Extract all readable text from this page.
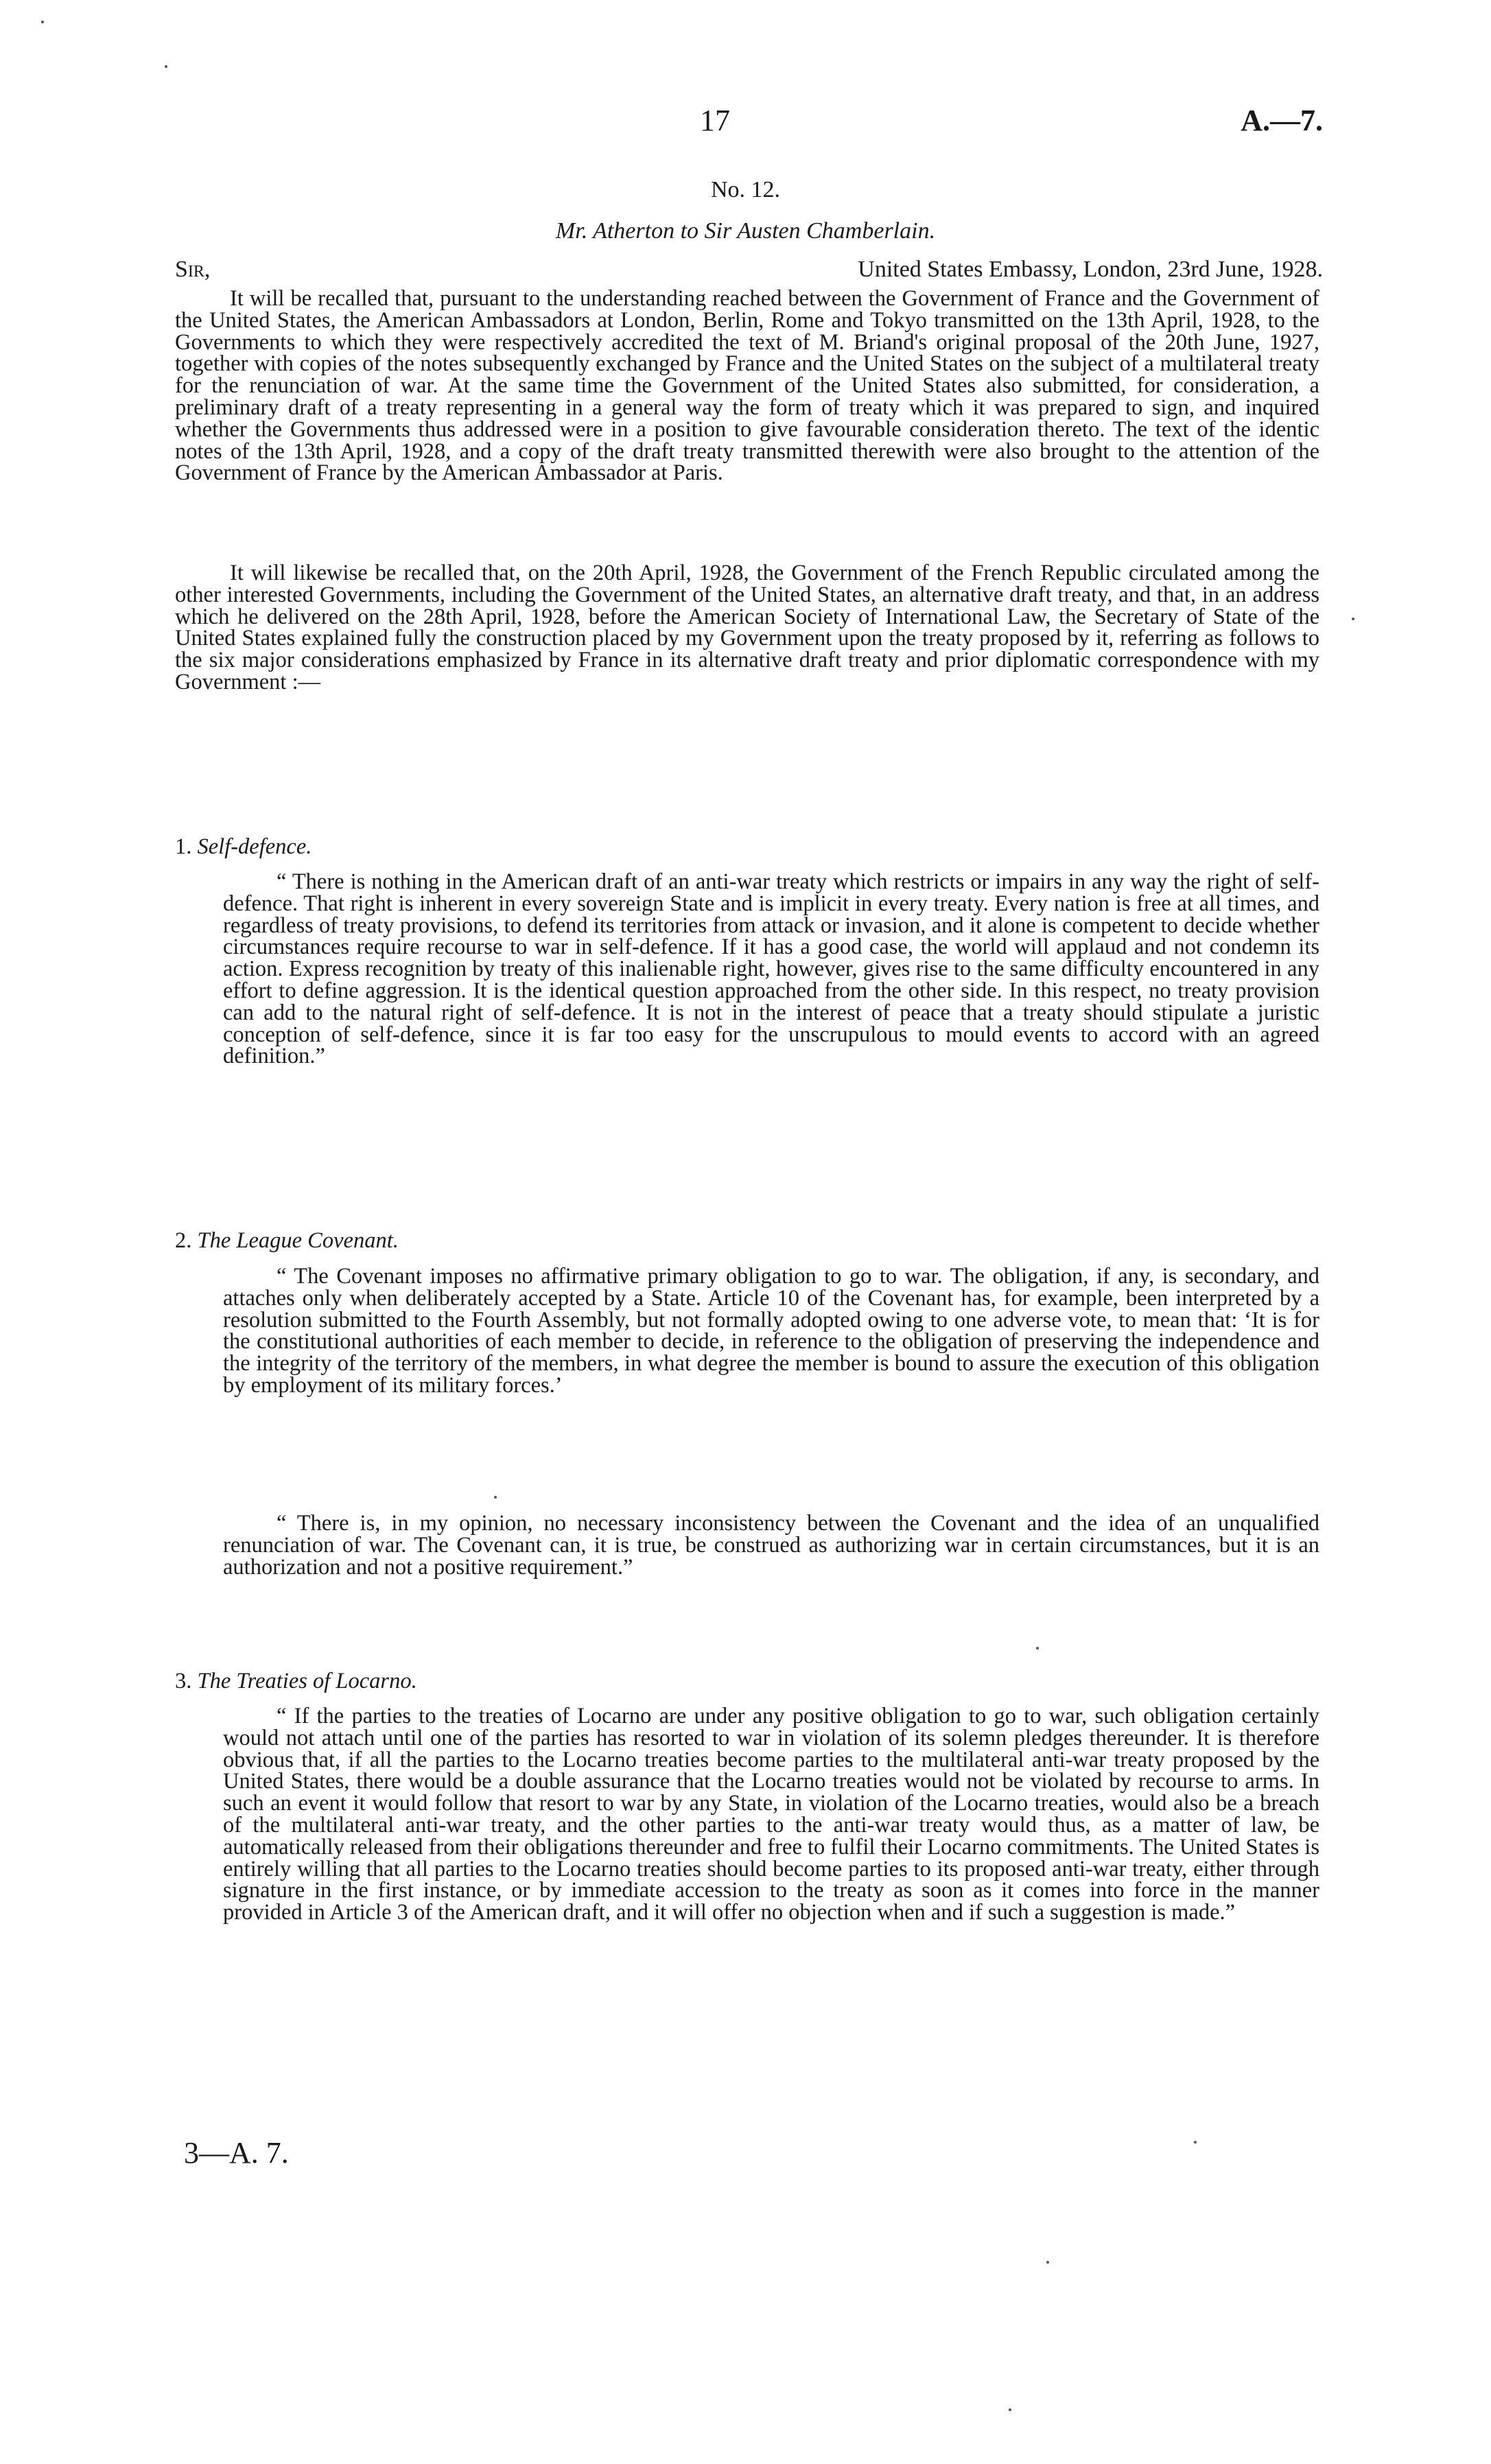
17	A.—7.
No. 12.
Mr. Atherton to Sir Austen Chamberlain.
Sir,	United States Embassy, London, 23rd June, 1928.

It will be recalled that, pursuant to the understanding reached between the Government of France and the Government of the United States, the American Ambassadors at London, Berlin, Rome and Tokyo transmitted on the 13th April, 1928, to the Governments to which they were respectively accredited the text of M. Briand's original proposal of the 20th June, 1927, together with copies of the notes subsequently exchanged by France and the United States on the subject of a multilateral treaty for the renunciation of war. At the same time the Government of the United States also submitted, for consideration, a preliminary draft of a treaty representing in a general way the form of treaty which it was prepared to sign, and inquired whether the Governments thus addressed were in a position to give favourable consideration thereto. The text of the identic notes of the 13th April, 1928, and a copy of the draft treaty transmitted therewith were also brought to the attention of the Government of France by the American Ambassador at Paris.

It will likewise be recalled that, on the 20th April, 1928, the Government of the French Republic circulated among the other interested Governments, including the Government of the United States, an alternative draft treaty, and that, in an address which he delivered on the 28th April, 1928, before the American Society of International Law, the Secretary of State of the United States explained fully the construction placed by my Government upon the treaty proposed by it, referring as follows to the six major considerations emphasized by France in its alternative draft treaty and prior diplomatic correspondence with my Government :—

1. Self-defence.

“ There is nothing in the American draft of an anti-war treaty which restricts or impairs in any way the right of self-defence. That right is inherent in every sovereign State and is implicit in every treaty. Every nation is free at all times, and regardless of treaty provisions, to defend its territories from attack or invasion, and it alone is competent to decide whether circumstances require recourse to war in self-defence. If it has a good case, the world will applaud and not condemn its action. Express recognition by treaty of this inalienable right, however, gives rise to the same difficulty encountered in any effort to define aggression. It is the identical question approached from the other side. In this respect, no treaty provision can add to the natural right of self-defence. It is not in the interest of peace that a treaty should stipulate a juristic conception of self-defence, since it is far too easy for the unscrupulous to mould events to accord with an agreed definition.”

2. The League Covenant.

“ The Covenant imposes no affirmative primary obligation to go to war. The obligation, if any, is secondary, and attaches only when deliberately accepted by a State. Article 10 of the Covenant has, for example, been interpreted by a resolution submitted to the Fourth Assembly, but not formally adopted owing to one adverse vote, to mean that: ‘It is for the constitutional authorities of each member to decide, in reference to the obligation of preserving the independence and the integrity of the territory of the members, in what degree the member is bound to assure the execution of this obligation by employment of its military forces.’

“ There is, in my opinion, no necessary inconsistency between the Covenant and the idea of an unqualified renunciation of war. The Covenant can, it is true, be construed as authorizing war in certain circumstances, but it is an authorization and not a positive requirement.”

3. The Treaties of Locarno.

“ If the parties to the treaties of Locarno are under any positive obligation to go to war, such obligation certainly would not attach until one of the parties has resorted to war in violation of its solemn pledges thereunder. It is therefore obvious that, if all the parties to the Locarno treaties become parties to the multilateral anti-war treaty proposed by the United States, there would be a double assurance that the Locarno treaties would not be violated by recourse to arms. In such an event it would follow that resort to war by any State, in violation of the Locarno treaties, would also be a breach of the multilateral anti-war treaty, and the other parties to the anti-war treaty would thus, as a matter of law, be automatically released from their obligations thereunder and free to fulfil their Locarno commitments. The United States is entirely willing that all parties to the Locarno treaties should become parties to its proposed anti-war treaty, either through signature in the first instance, or by immediate accession to the treaty as soon as it comes into force in the manner provided in Article 3 of the American draft, and it will offer no objection when and if such a suggestion is made.”

3—A. 7.
